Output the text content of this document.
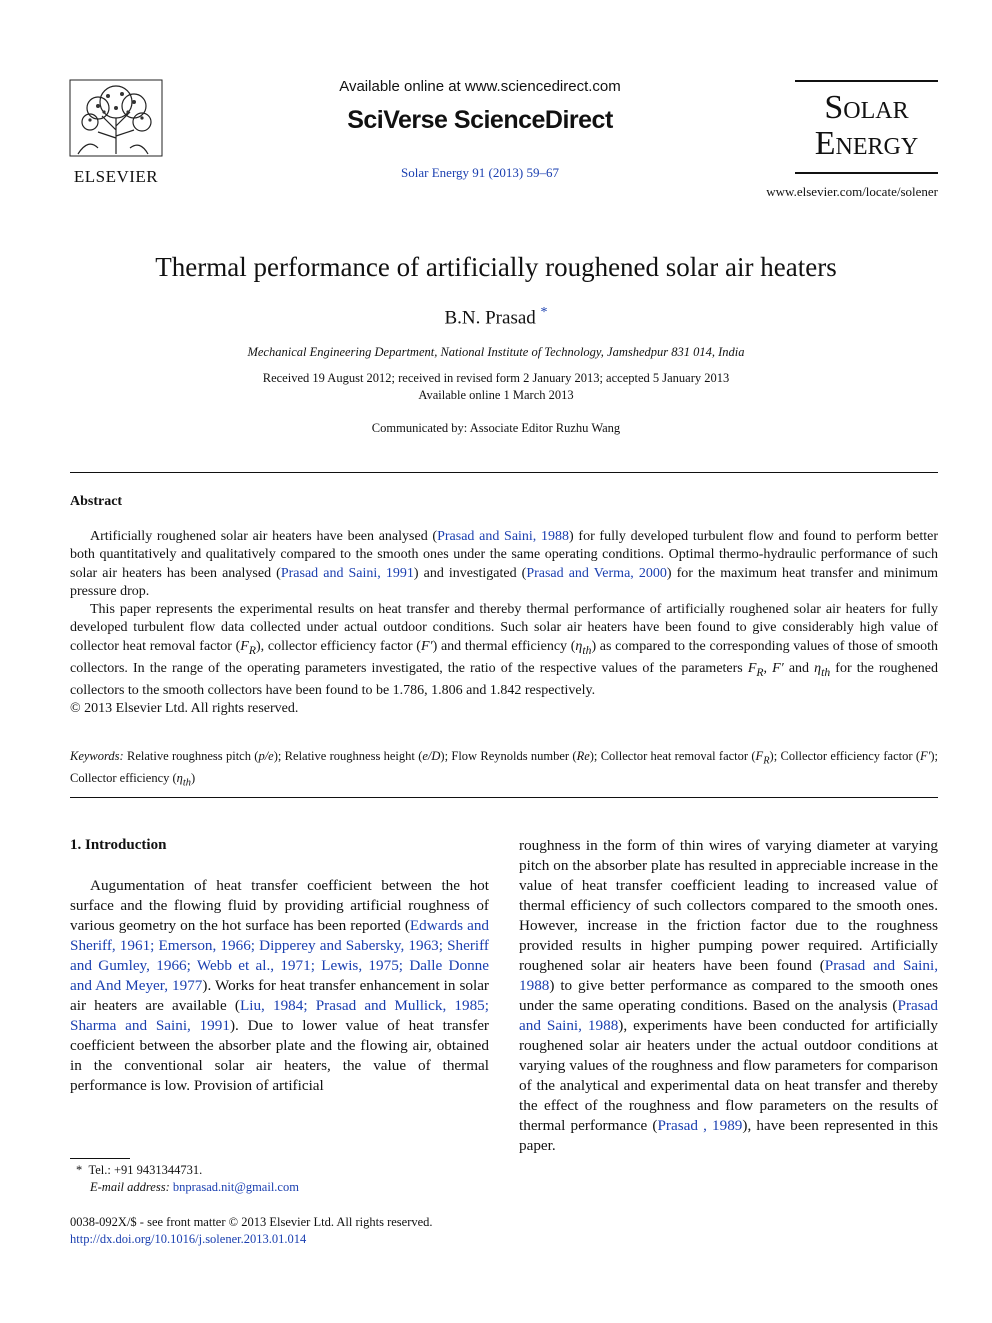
ELSEVIER
Available online at www.sciencedirect.com
SciVerse ScienceDirect
Solar Energy 91 (2013) 59–67
Solar
Energy
www.elsevier.com/locate/solener
Thermal performance of artificially roughened solar air heaters
B.N. Prasad *
Mechanical Engineering Department, National Institute of Technology, Jamshedpur 831 014, India
Received 19 August 2012; received in revised form 2 January 2013; accepted 5 January 2013
Available online 1 March 2013
Communicated by: Associate Editor Ruzhu Wang
Abstract

Artificially roughened solar air heaters have been analysed (Prasad and Saini, 1988) for fully developed turbulent flow and found to perform better both quantitatively and qualitatively compared to the smooth ones under the same operating conditions. Optimal thermo-hydraulic performance of such solar air heaters has been analysed (Prasad and Saini, 1991) and investigated (Prasad and Verma, 2000) for the maximum heat transfer and minimum pressure drop.

This paper represents the experimental results on heat transfer and thereby thermal performance of artificially roughened solar air heaters for fully developed turbulent flow data collected under actual outdoor conditions. Such solar air heaters have been found to give considerably high value of collector heat removal factor $(F_R)$, collector efficiency factor (F′) and thermal efficiency $(\eta_{th})$ as compared to the corresponding values of those of smooth collectors. In the range of the operating parameters investigated, the ratio of the respective values of the parameters $F_R$, F′ and $\eta_{th}$ for the roughened collectors to the smooth collectors have been found to be 1.786, 1.806 and 1.842 respectively.

© 2013 Elsevier Ltd. All rights reserved.

Keywords: Relative roughness pitch (p/e); Relative roughness height (e/D); Flow Reynolds number (Re); Collector heat removal factor $(F_R)$; Collector efficiency factor (F′); Collector efficiency $(\eta_{th})$
1. Introduction

Augumentation of heat transfer coefficient between the hot surface and the flowing fluid by providing artificial roughness of various geometry on the hot surface has been reported (Edwards and Sheriff, 1961; Emerson, 1966; Dipperey and Sabersky, 1963; Sheriff and Gumley, 1966; Webb et al., 1971; Lewis, 1975; Dalle Donne and And Meyer, 1977). Works for heat transfer enhancement in solar air heaters are available (Liu, 1984; Prasad and Mullick, 1985; Sharma and Saini, 1991). Due to lower value of heat transfer coefficient between the absorber plate and the flowing air, obtained in the conventional solar air heaters, the value of thermal performance is low. Provision of artificial

roughness in the form of thin wires of varying diameter at varying pitch on the absorber plate has resulted in appreciable increase in the value of heat transfer coefficient leading to increased value of thermal efficiency of such collectors compared to the smooth ones. However, increase in the friction factor due to the roughness provided results in higher pumping power required. Artificially roughened solar air heaters have been found (Prasad and Saini, 1988) to give better performance as compared to the smooth ones under the same operating conditions. Based on the analysis (Prasad and Saini, 1988), experiments have been conducted for artificially roughened solar air heaters under the actual outdoor conditions at varying values of the roughness and flow parameters for comparison of the analytical and experimental data on heat transfer and thereby the effect of the roughness and flow parameters on the results of thermal performance (Prasad , 1989), have been represented in this paper.

* Tel.: +91 9431344731.
E-mail address: bnprasad.nit@gmail.com
0038-092X/$ - see front matter © 2013 Elsevier Ltd. All rights reserved.
http://dx.doi.org/10.1016/j.solener.2013.01.014
